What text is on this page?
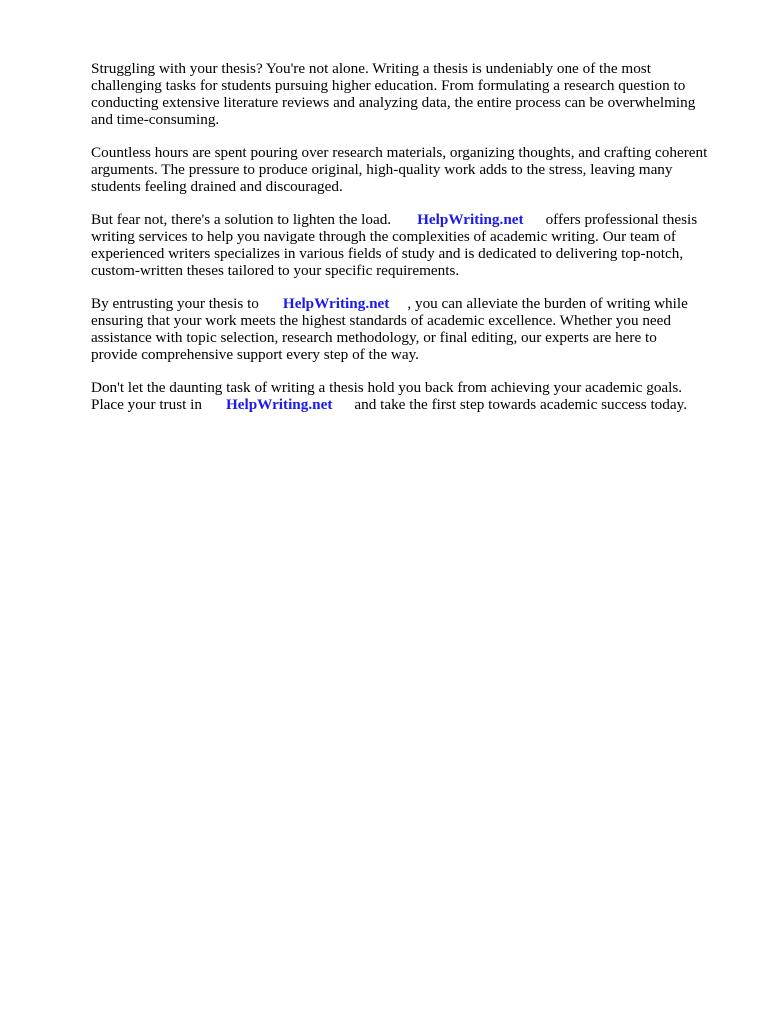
Struggling with your thesis? You're not alone. Writing a thesis is undeniably one of the most
challenging tasks for students pursuing higher education. From formulating a research question to
conducting extensive literature reviews and analyzing data, the entire process can be overwhelming
and time-consuming.

Countless hours are spent pouring over research materials, organizing thoughts, and crafting coherent
arguments. The pressure to produce original, high-quality work adds to the stress, leaving many
students feeling drained and discouraged.

But fear not, there's a solution to lighten the load. HelpWriting.net offers professional thesis
writing services to help you navigate through the complexities of academic writing. Our team of
experienced writers specializes in various fields of study and is dedicated to delivering top-notch,
custom-written theses tailored to your specific requirements.

By entrusting your thesis to HelpWriting.net , you can alleviate the burden of writing while
ensuring that your work meets the highest standards of academic excellence. Whether you need
assistance with topic selection, research methodology, or final editing, our experts are here to
provide comprehensive support every step of the way.

Don't let the daunting task of writing a thesis hold you back from achieving your academic goals.
Place your trust in HelpWriting.net and take the first step towards academic success today.
